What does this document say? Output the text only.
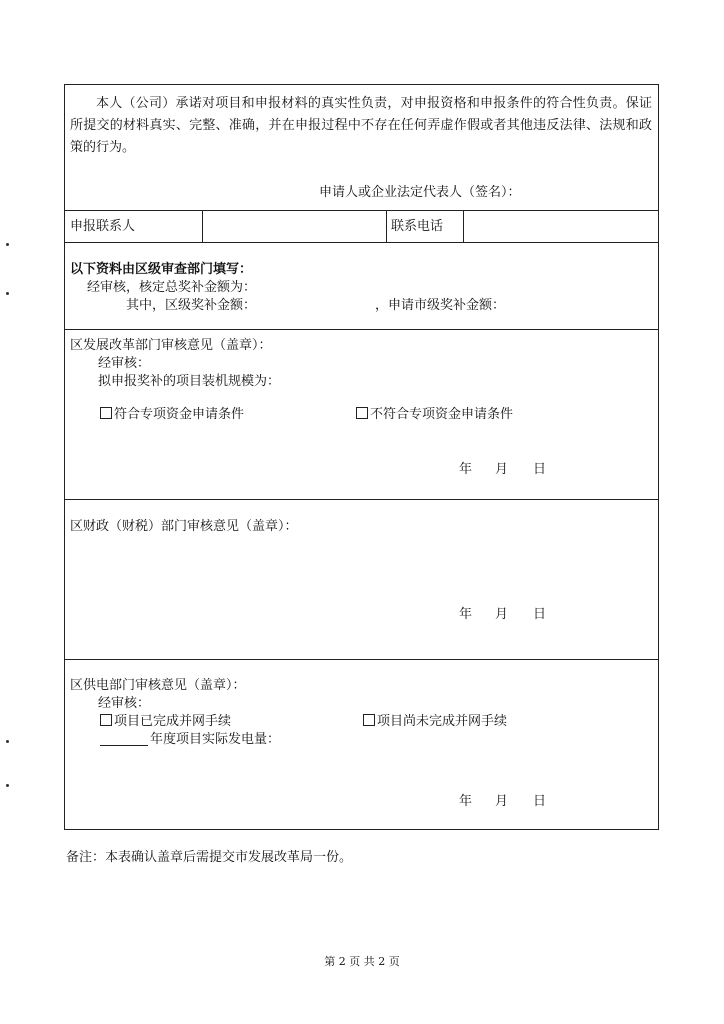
本人（公司）承诺对项目和申报材料的真实性负责，对申报资格和申报条件的符合性负责。保证所提交的材料真实、完整、准确，并在申报过程中不存在任何弄虚作假或者其他违反法律、法规和政策的行为。
申请人或企业法定代表人（签名）：
申报联系人	联系电话
以下资料由区级审查部门填写：
经审核，核定总奖补金额为：
其中，区级奖补金额：	，申请市级奖补金额：
区发展改革部门审核意见（盖章）：
经审核：
拟申报奖补的项目装机规模为：
符合专项资金申请条件	不符合专项资金申请条件
年 月 日
区财政（财税）部门审核意见（盖章）：
年 月 日
区供电部门审核意见（盖章）：
经审核：
项目已完成并网手续	项目尚未完成并网手续
年度项目实际发电量：
年 月 日
备注：本表确认盖章后需提交市发展改革局一份。
第 2 页 共 2 页
